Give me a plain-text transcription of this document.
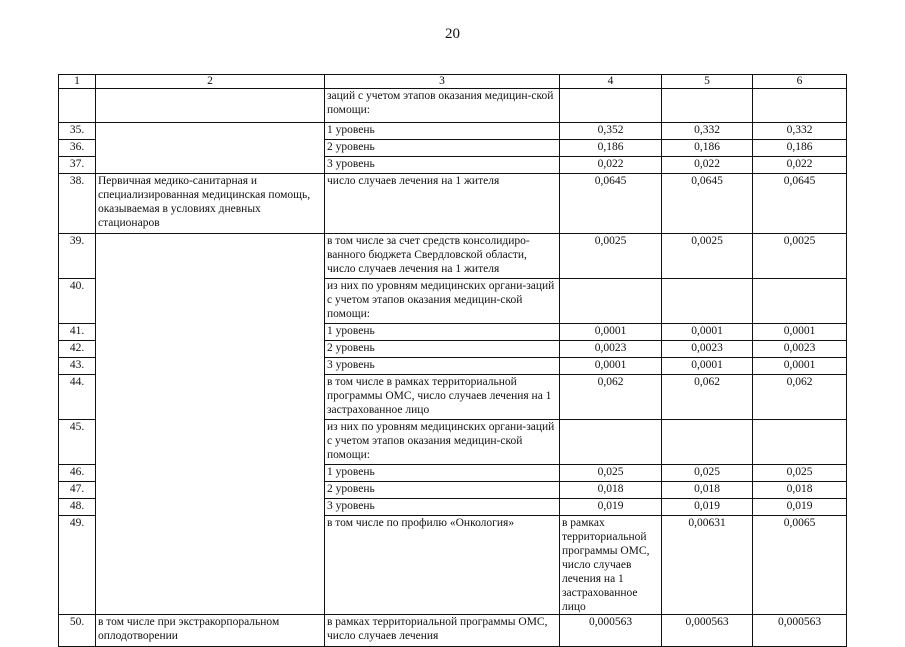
20
1	2	3	4	5	6	
		заций с учетом этапов оказания медицин-ской помощи:				
35.		1 уровень	0,352	0,332	0,332	
36.		2 уровень	0,186	0,186	0,186	
37.		3 уровень	0,022	0,022	0,022	
38.	Первичная медико-санитарная и специализированная медицинская помощь, оказываемая в условиях дневных стационаров	число случаев лечения на 1 жителя	0,0645	0,0645	0,0645	
39.		в том числе за счет средств консолидиро-ванного бюджета Свердловской области, число случаев лечения на 1 жителя	0,0025	0,0025	0,0025	
40.		из них по уровням медицинских органи-заций с учетом этапов оказания медицин-ской помощи:				
41.		1 уровень	0,0001	0,0001	0,0001	
42.		2 уровень	0,0023	0,0023	0,0023	
43.		3 уровень	0,0001	0,0001	0,0001	
44.		в том числе в рамках территориальной программы ОМС, число случаев лечения на 1 застрахованное лицо	0,062	0,062	0,062	
45.		из них по уровням медицинских органи-заций с учетом этапов оказания медицин-ской помощи:				
46.		1 уровень	0,025	0,025	0,025	
47.		2 уровень	0,018	0,018	0,018	
48.		3 уровень	0,019	0,019	0,019	
49.		в том числе по профилю «Онкология»	в рамках территориальной программы ОМС, число случаев лечения на 1 застрахованное лицо	0,00631	0,0065	
50.	в том числе при экстракорпоральном оплодотворении	в рамках территориальной программы ОМС, число случаев лечения	0,000563	0,000563	0,000563	
